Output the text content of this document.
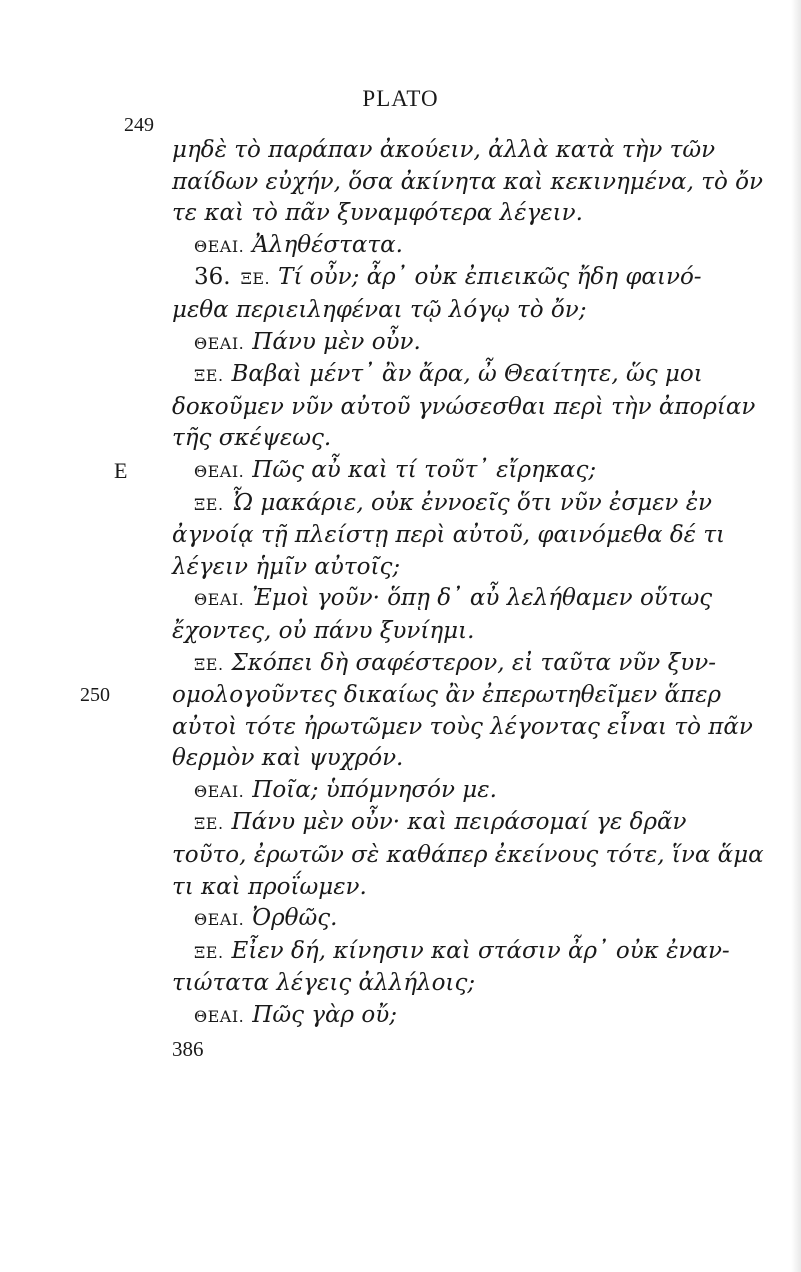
PLATO
249
μηδὲ τὸ παράπαν ἀκούειν, ἀλλὰ κατὰ τὴν τῶν
παίδων εὐχήν, ὅσα ἀκίνητα καὶ κεκινημένα, τὸ ὄν
τε καὶ τὸ πᾶν ξυναμφότερα λέγειν.
ΘΕΑΙ. Ἀληθέστατα.
36. ΞΕ. Τί οὖν; ἆρ᾿ οὐκ ἐπιεικῶς ἤδη φαινό-
μεθα περιειληφέναι τῷ λόγῳ τὸ ὄν;
ΘΕΑΙ. Πάνυ μὲν οὖν.
ΞΕ. Βαβαὶ μέντ᾿ ἂν ἄρα, ὦ Θεαίτητε, ὥς μοι
δοκοῦμεν νῦν αὐτοῦ γνώσεσθαι περὶ τὴν ἀπορίαν
τῆς σκέψεως.
E	ΘΕΑΙ. Πῶς αὖ καὶ τί τοῦτ᾿ εἴρηκας;
ΞΕ. Ὦ μακάριε, οὐκ ἐννοεῖς ὅτι νῦν ἐσμεν ἐν
ἀγνοίᾳ τῇ πλείστῃ περὶ αὐτοῦ, φαινόμεθα δέ τι
λέγειν ἡμῖν αὐτοῖς;
ΘΕΑΙ. Ἐμοὶ γοῦν· ὅπῃ δ᾿ αὖ λελήθαμεν οὕτως
ἔχοντες, οὐ πάνυ ξυνίημι.
ΞΕ. Σκόπει δὴ σαφέστερον, εἰ ταῦτα νῦν ξυν-
250	ομολογοῦντες δικαίως ἂν ἐπερωτηθεῖμεν ἅπερ
αὐτοὶ τότε ἠρωτῶμεν τοὺς λέγοντας εἶναι τὸ πᾶν
θερμὸν καὶ ψυχρόν.
ΘΕΑΙ. Ποῖα; ὑπόμνησόν με.
ΞΕ. Πάνυ μὲν οὖν· καὶ πειράσομαί γε δρᾶν
τοῦτο, ἐρωτῶν σὲ καθάπερ ἐκείνους τότε, ἵνα ἅμα
τι καὶ προΐωμεν.
ΘΕΑΙ. Ὀρθῶς.
ΞΕ. Εἶεν δή, κίνησιν καὶ στάσιν ἆρ᾿ οὐκ ἐναν-
τιώτατα λέγεις ἀλλήλοις;
ΘΕΑΙ. Πῶς γὰρ οὔ;
386
